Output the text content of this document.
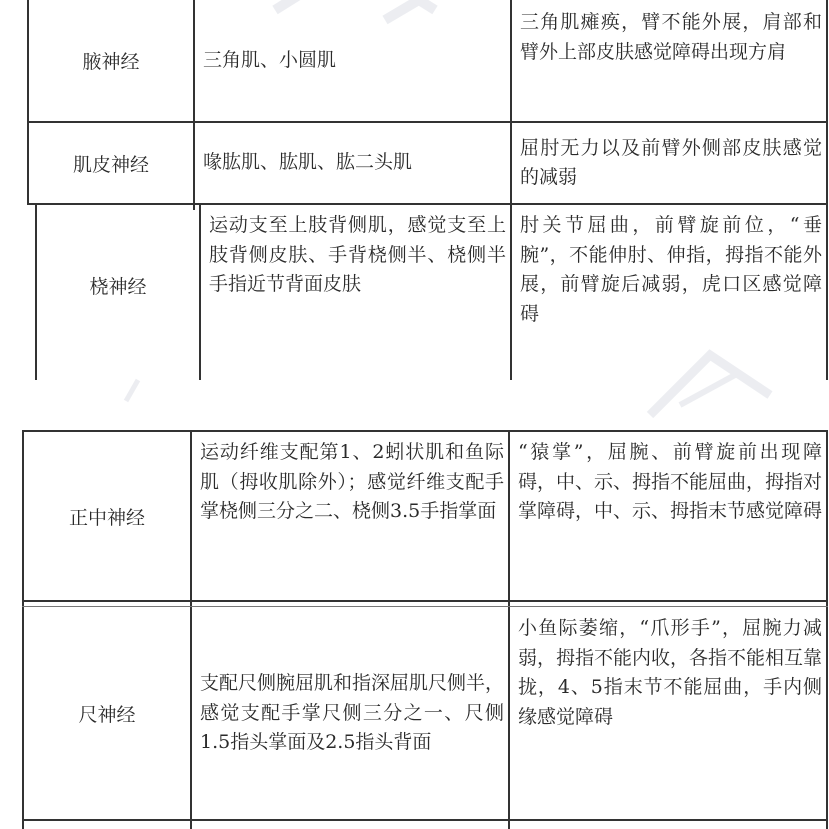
腋神经	三角肌、小圆肌
三角肌瘫痪，臂不能外展，肩部和臂外上部皮肤感觉障碍出现方肩
肌皮神经	喙肱肌、肱肌、肱二头肌
屈肘无力以及前臂外侧部皮肤感觉的减弱
桡神经
运动支至上肢背侧肌，感觉支至上肢背侧皮肤、手背桡侧半、桡侧半手指近节背面皮肤
肘关节屈曲，前臂旋前位，“垂腕”，不能伸肘、伸指，拇指不能外展，前臂旋后减弱，虎口区感觉障碍
正中神经
运动纤维支配第1、2蚓状肌和鱼际肌（拇收肌除外）；感觉纤维支配手掌桡侧三分之二、桡侧3.5手指掌面
“猿掌”，屈腕、前臂旋前出现障碍，中、示、拇指不能屈曲，拇指对掌障碍，中、示、拇指末节感觉障碍
尺神经
支配尺侧腕屈肌和指深屈肌尺侧半，感觉支配手掌尺侧三分之一、尺侧1.5指头掌面及2.5指头背面
小鱼际萎缩，“爪形手”，屈腕力减弱，拇指不能内收，各指不能相互靠拢，4、5指末节不能屈曲，手内侧缘感觉障碍
